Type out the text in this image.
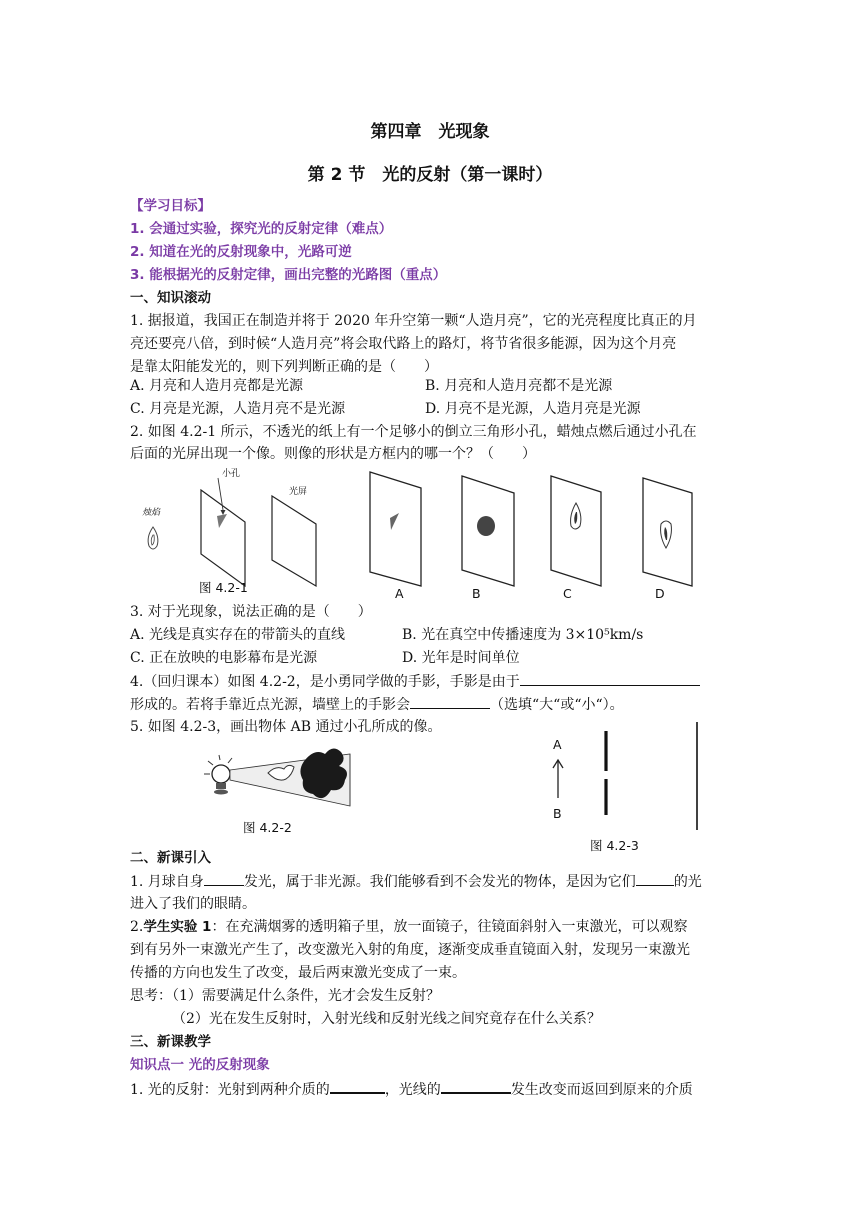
第四章　光现象
第 2 节　光的反射（第一课时）
【学习目标】
1. 会通过实验，探究光的反射定律（难点）
2. 知道在光的反射现象中，光路可逆
3. 能根据光的反射定律，画出完整的光路图（重点）
一、知识滚动
1. 据报道，我国正在制造并将于 2020 年升空第一颗“人造月亮”，它的光亮程度比真正的月
亮还要亮八倍，到时候“人造月亮”将会取代路上的路灯，将节省很多能源，因为这个月亮
是靠太阳能发光的，则下列判断正确的是（　　）
A. 月亮和人造月亮都是光源	B. 月亮和人造月亮都不是光源
C. 月亮是光源，人造月亮不是光源	D. 月亮不是光源，人造月亮是光源
2. 如图 4.2-1 所示，不透光的纸上有一个足够小的倒立三角形小孔，蜡烛点燃后通过小孔在
后面的光屏出现一个像。则像的形状是方框内的哪一个？（　　）
烛焰
小孔
光屏
图 4.2-1	A	B	C	D
3. 对于光现象，说法正确的是（　　）
A. 光线是真实存在的带箭头的直线	B. 光在真空中传播速度为 3×10⁵km/s
C. 正在放映的电影幕布是光源	D. 光年是时间单位
4.（回归课本）如图 4.2-2，是小勇同学做的手影，手影是由于
形成的。若将手靠近点光源，墙壁上的手影会	（选填“大“或“小“）。
5. 如图 4.2-3，画出物体 AB 通过小孔所成的像。
图 4.2-2
A
B
图 4.2-3
二、新课引入
1. 月球自身	发光，属于非光源。我们能够看到不会发光的物体，是因为它们	的光
进入了我们的眼睛。
2.学生实验 1：在充满烟雾的透明箱子里，放一面镜子，往镜面斜射入一束激光，可以观察
到有另外一束激光产生了，改变激光入射的角度，逐渐变成垂直镜面入射，发现另一束激光
传播的方向也发生了改变，最后两束激光变成了一束。
思考：（1）需要满足什么条件，光才会发生反射？
（2）光在发生反射时，入射光线和反射光线之间究竟存在什么关系？
三、新课教学
知识点一 光的反射现象
1. 光的反射：光射到两种介质的	，光线的	发生改变而返回到原来的介质
